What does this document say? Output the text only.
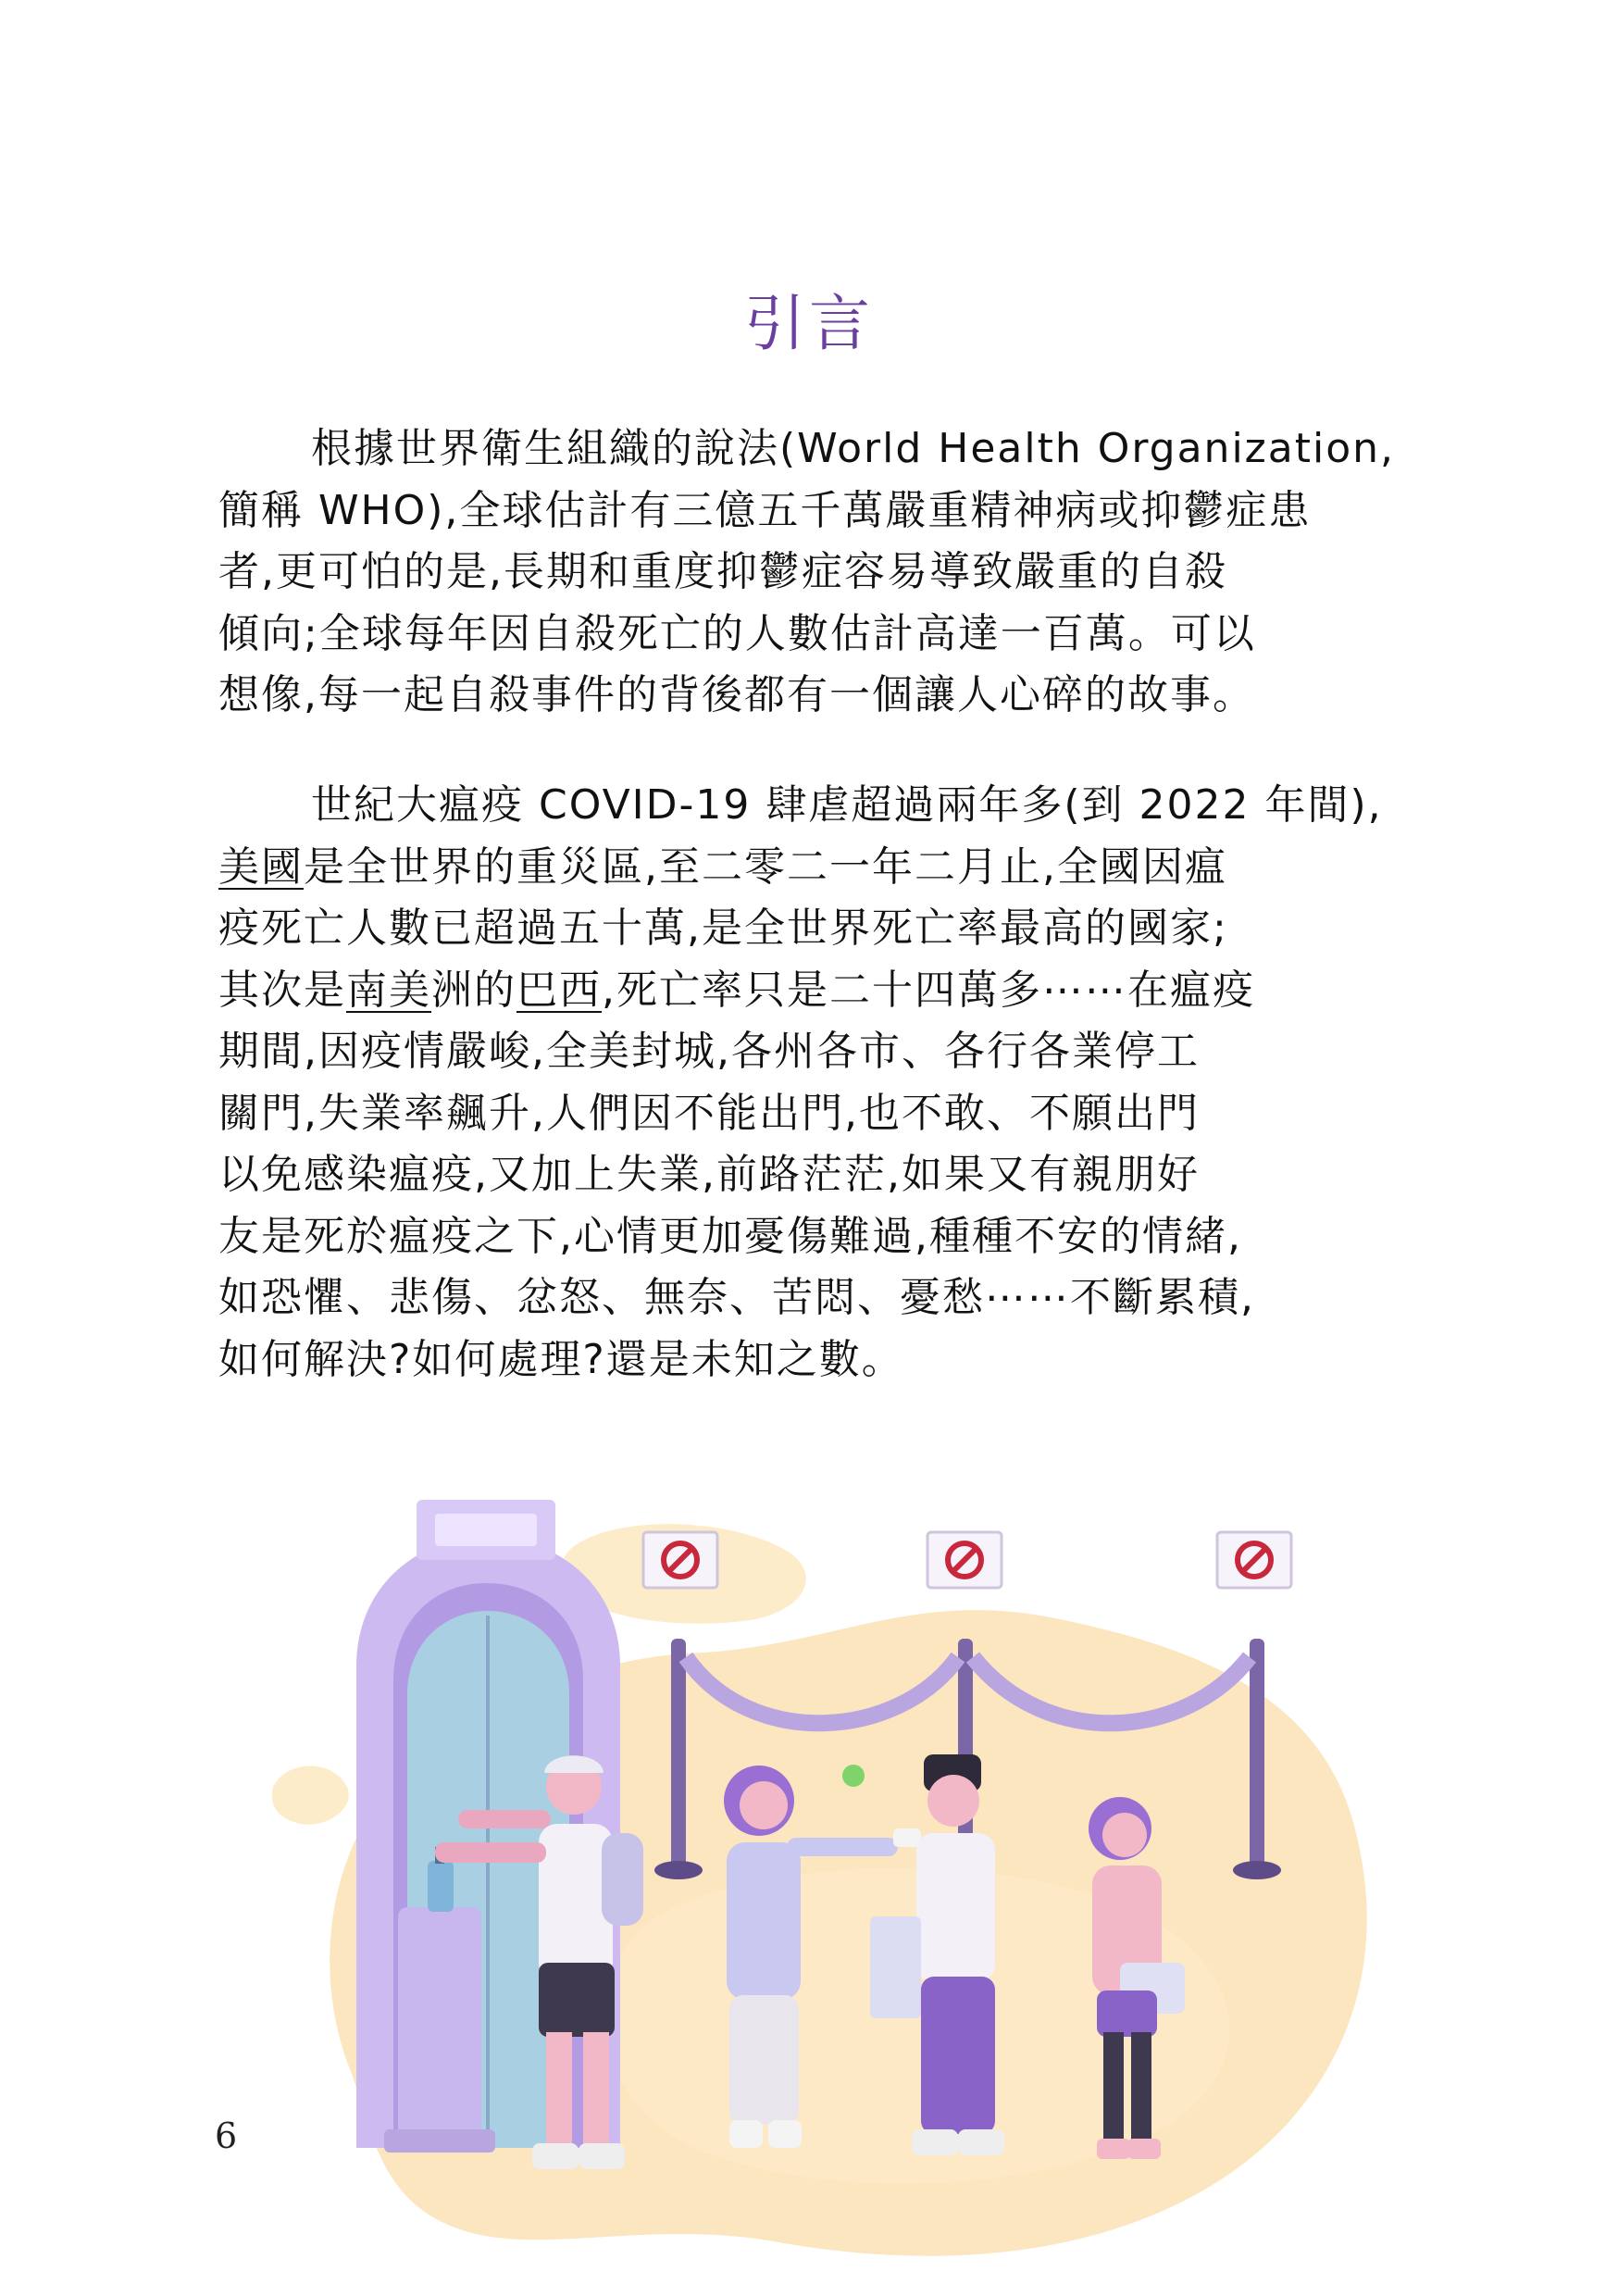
引言
根據世界衛生組織的說法(World Health Organization,
簡稱 WHO),全球估計有三億五千萬嚴重精神病或抑鬱症患
者,更可怕的是,長期和重度抑鬱症容易導致嚴重的自殺
傾向;全球每年因自殺死亡的人數估計高達一百萬。可以
想像,每一起自殺事件的背後都有一個讓人心碎的故事。
世紀大瘟疫 COVID-19 肆虐超過兩年多(到 2022 年間),
美國是全世界的重災區,至二零二一年二月止,全國因瘟
疫死亡人數已超過五十萬,是全世界死亡率最高的國家;
其次是南美洲的巴西,死亡率只是二十四萬多⋯⋯在瘟疫
期間,因疫情嚴峻,全美封城,各州各市、各行各業停工
關門,失業率飆升,人們因不能出門,也不敢、不願出門
以免感染瘟疫,又加上失業,前路茫茫,如果又有親朋好
友是死於瘟疫之下,心情更加憂傷難過,種種不安的情緒,
如恐懼、悲傷、忿怒、無奈、苦悶、憂愁⋯⋯不斷累積,
如何解決?如何處理?還是未知之數。
6
